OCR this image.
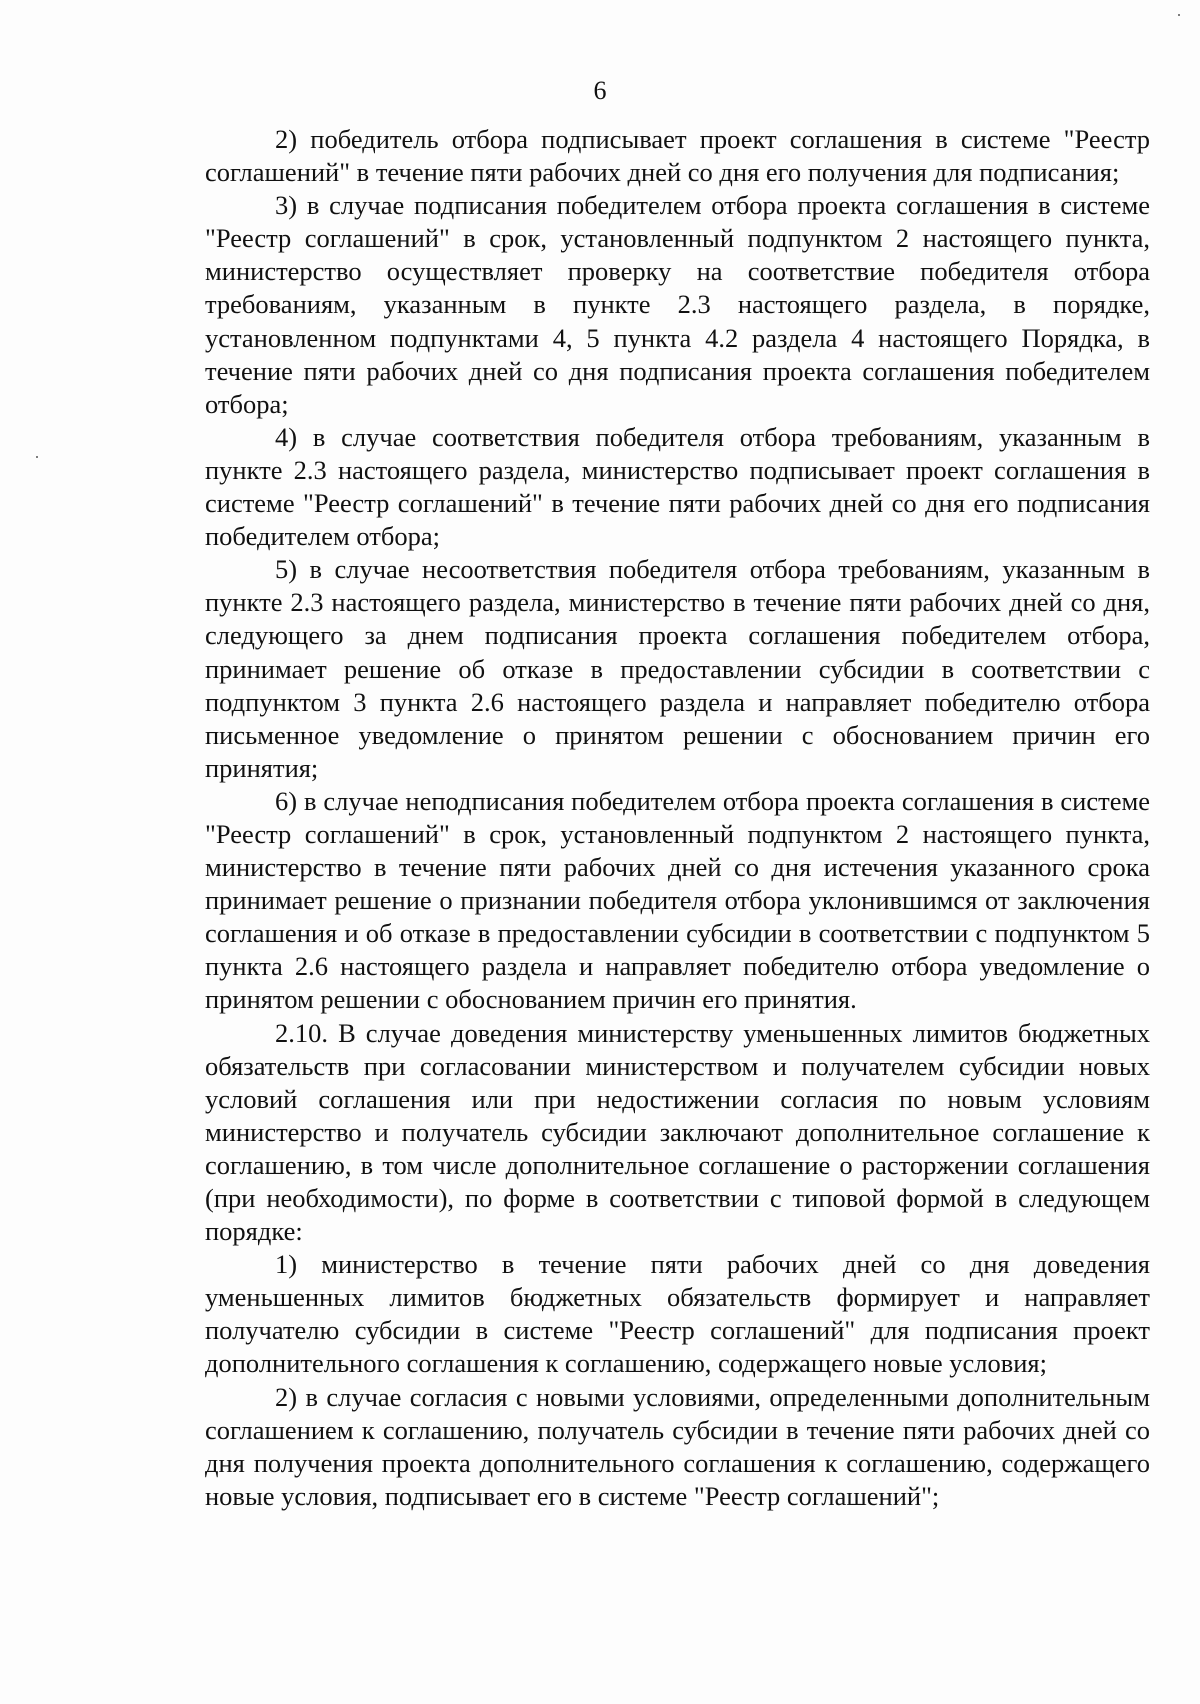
6

2) победитель отбора подписывает проект соглашения в системе "Реестр соглашений" в течение пяти рабочих дней со дня его получения для подписания;

3) в случае подписания победителем отбора проекта соглашения в системе "Реестр соглашений" в срок, установленный подпунктом 2 настоящего пункта, министерство осуществляет проверку на соответствие победителя отбора требованиям, указанным в пункте 2.3 настоящего раздела, в порядке, установленном подпунктами 4, 5 пункта 4.2 раздела 4 настоящего Порядка, в течение пяти рабочих дней со дня подписания проекта соглашения победителем отбора;

4) в случае соответствия победителя отбора требованиям, указанным в пункте 2.3 настоящего раздела, министерство подписывает проект соглашения в системе "Реестр соглашений" в течение пяти рабочих дней со дня его подписания победителем отбора;

5) в случае несоответствия победителя отбора требованиям, указанным в пункте 2.3 настоящего раздела, министерство в течение пяти рабочих дней со дня, следующего за днем подписания проекта соглашения победителем отбора, принимает решение об отказе в предоставлении субсидии в соответствии с подпунктом 3 пункта 2.6 настоящего раздела и направляет победителю отбора письменное уведомление о принятом решении с обоснованием причин его принятия;

6) в случае неподписания победителем отбора проекта соглашения в системе "Реестр соглашений" в срок, установленный подпунктом 2 настоящего пункта, министерство в течение пяти рабочих дней со дня истечения указанного срока принимает решение о признании победителя отбора уклонившимся от заключения соглашения и об отказе в предоставлении субсидии в соответствии с подпунктом 5 пункта 2.6 настоящего раздела и направляет победителю отбора уведомление о принятом решении с обоснованием причин его принятия.

2.10. В случае доведения министерству уменьшенных лимитов бюджетных обязательств при согласовании министерством и получателем субсидии новых условий соглашения или при недостижении согласия по новым условиям министерство и получатель субсидии заключают дополнительное соглашение к соглашению, в том числе дополнительное соглашение о расторжении соглашения (при необходимости), по форме в соответствии с типовой формой в следующем порядке:

1) министерство в течение пяти рабочих дней со дня доведения уменьшенных лимитов бюджетных обязательств формирует и направляет получателю субсидии в системе "Реестр соглашений" для подписания проект дополнительного соглашения к соглашению, содержащего новые условия;

2) в случае согласия с новыми условиями, определенными дополнительным соглашением к соглашению, получатель субсидии в течение пяти рабочих дней со дня получения проекта дополнительного соглашения к соглашению, содержащего новые условия, подписывает его в системе "Реестр соглашений";
